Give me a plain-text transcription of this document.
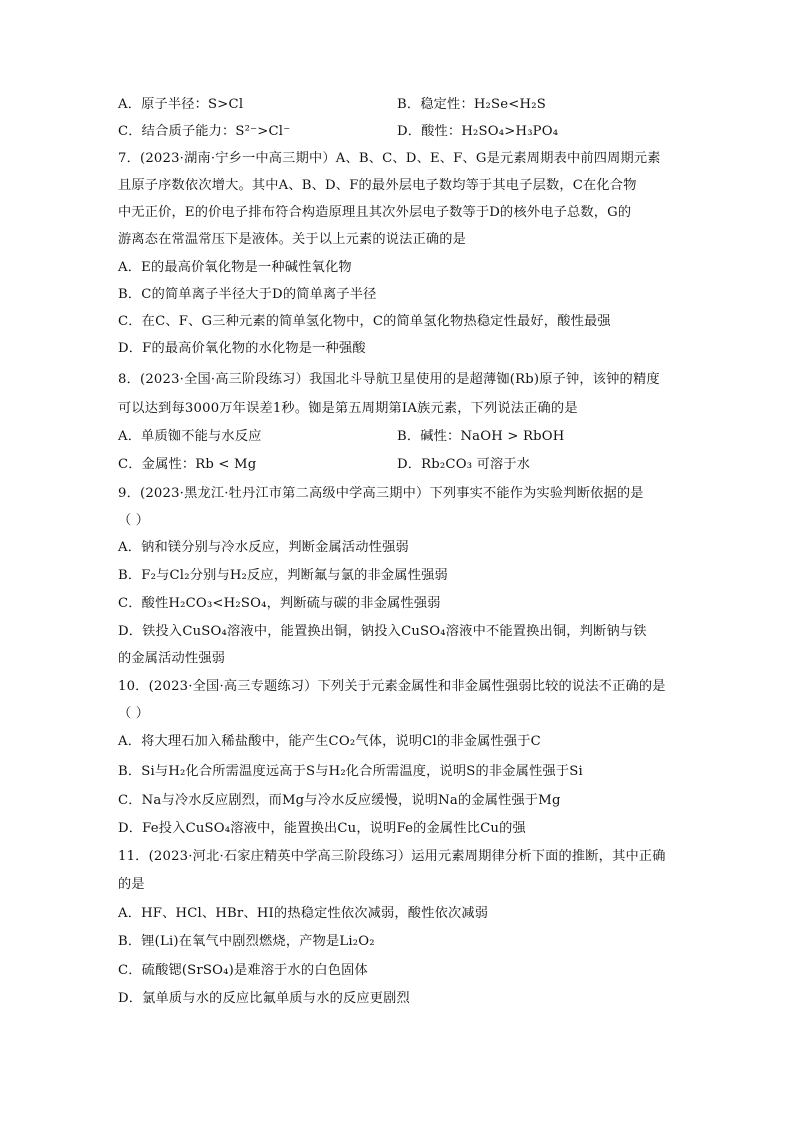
A．原子半径：S>Cl	B．稳定性：H₂Se<H₂S
C．结合质子能力：S²⁻>Cl⁻	D．酸性：H₂SO₄>H₃PO₄
7．(2023·湖南·宁乡一中高三期中）A、B、C、D、E、F、G是元素周期表中前四周期元素
且原子序数依次增大。其中A、B、D、F的最外层电子数均等于其电子层数，C在化合物
中无正价，E的价电子排布符合构造原理且其次外层电子数等于D的核外电子总数，G的
游离态在常温常压下是液体。关于以上元素的说法正确的是
A．E的最高价氧化物是一种碱性氧化物
B．C的简单离子半径大于D的简单离子半径
C．在C、F、G三种元素的简单氢化物中，C的简单氢化物热稳定性最好，酸性最强
D．F的最高价氧化物的水化物是一种强酸
8．(2023·全国·高三阶段练习）我国北斗导航卫星使用的是超薄铷(Rb)原子钟，该钟的精度
可以达到每3000万年误差1秒。铷是第五周期第ⅠA族元素，下列说法正确的是
A．单质铷不能与水反应	B．碱性：NaOH > RbOH
C．金属性：Rb < Mg	D．Rb₂CO₃ 可溶于水
9．(2023·黑龙江·牡丹江市第二高级中学高三期中）下列事实不能作为实验判断依据的是
（ ）
A．钠和镁分别与冷水反应，判断金属活动性强弱
B．F₂与Cl₂分别与H₂反应，判断氟与氯的非金属性强弱
C．酸性H₂CO₃<H₂SO₄，判断硫与碳的非金属性强弱
D．铁投入CuSO₄溶液中，能置换出铜，钠投入CuSO₄溶液中不能置换出铜，判断钠与铁
的金属活动性强弱
10．(2023·全国·高三专题练习）下列关于元素金属性和非金属性强弱比较的说法不正确的是
（ ）
A．将大理石加入稀盐酸中，能产生CO₂气体，说明Cl的非金属性强于C
B．Si与H₂化合所需温度远高于S与H₂化合所需温度，说明S的非金属性强于Si
C．Na与冷水反应剧烈，而Mg与冷水反应缓慢，说明Na的金属性强于Mg
D．Fe投入CuSO₄溶液中，能置换出Cu，说明Fe的金属性比Cu的强
11．(2023·河北·石家庄精英中学高三阶段练习）运用元素周期律分析下面的推断，其中正确
的是
A．HF、HCl、HBr、HI的热稳定性依次减弱，酸性依次减弱
B．锂(Li)在氧气中剧烈燃烧，产物是Li₂O₂
C．硫酸锶(SrSO₄)是难溶于水的白色固体
D．氯单质与水的反应比氟单质与水的反应更剧烈
